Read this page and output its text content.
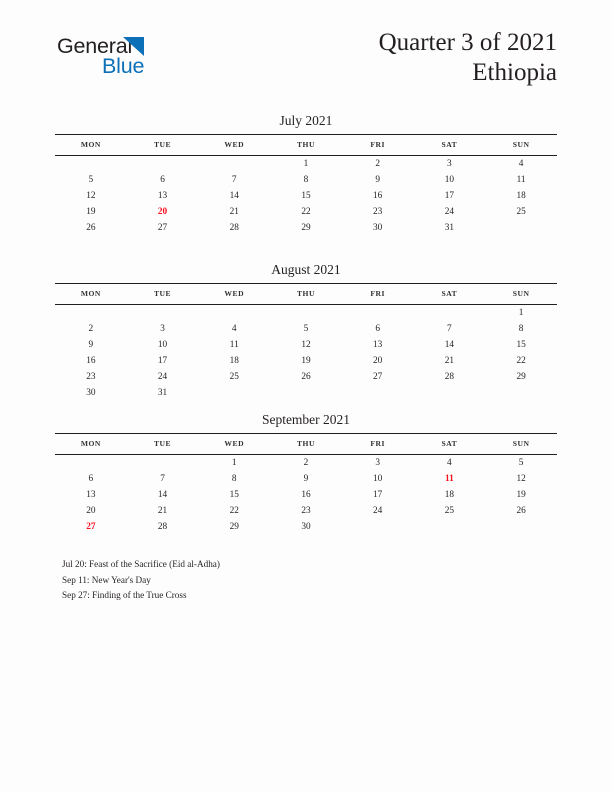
General
Blue
Quarter 3 of 2021
Ethiopia
July 2021
MON	TUE	WED	THU	FRI	SAT	SUN
			1	2	3	4
5	6	7	8	9	10	11
12	13	14	15	16	17	18
19	20	21	22	23	24	25
26	27	28	29	30	31	
August 2021
MON	TUE	WED	THU	FRI	SAT	SUN
						1
2	3	4	5	6	7	8
9	10	11	12	13	14	15
16	17	18	19	20	21	22
23	24	25	26	27	28	29
30	31					
September 2021
MON	TUE	WED	THU	FRI	SAT	SUN
		1	2	3	4	5
6	7	8	9	10	11	12
13	14	15	16	17	18	19
20	21	22	23	24	25	26
27	28	29	30			
Jul 20: Feast of the Sacrifice (Eid al-Adha)
Sep 11: New Year's Day
Sep 27: Finding of the True Cross
